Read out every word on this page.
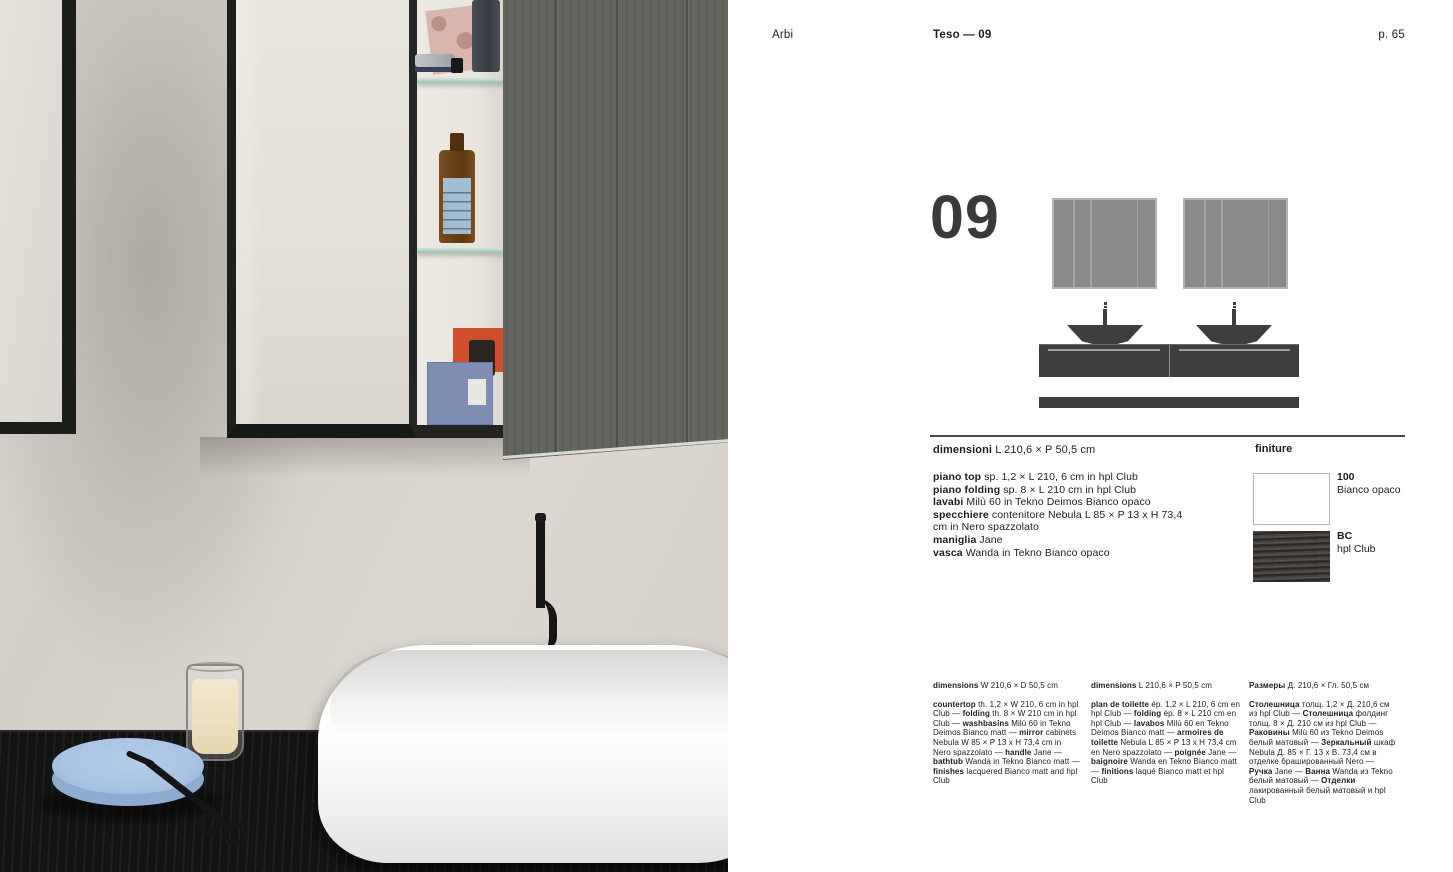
Arbi	Teso — 09	p. 65
09
dimensioni L 210,6 × P 50,5 cm
piano top sp. 1,2 × L 210, 6 cm in hpl Club
piano folding sp. 8 × L 210 cm in hpl Club
lavabi Milù 60 in Tekno Deimos Bianco opaco
specchiere contenitore Nebula L 85 × P 13 x H 73,4 cm in Nero spazzolato
maniglia Jane
vasca Wanda in Tekno Bianco opaco
finiture
100
Bianco opaco
BC
hpl Club

dimensions W 210,6 × D 50,5 cm

countertop th. 1,2 × W 210, 6 cm in hpl Club — folding th. 8 × W 210 cm in hpl Club — washbasins Milù 60 in Tekno Deimos Bianco matt — mirror cabinets Nebula W 85 × P 13 x H 73,4 cm in Nero spazzolato — handle Jane — bathtub Wanda in Tekno Bianco matt — finishes lacquered Bianco matt and hpl Club

dimensions L 210,6 × P 50,5 cm

plan de toilette ép. 1,2 × L 210, 6 cm en hpl Club — folding ép. 8 × L 210 cm en hpl Club — lavabos Milù 60 en Tekno Deimos Bianco matt — armoires de toilette Nebula L 85 × P 13 x H 73,4 cm en Nero spazzolato — poignée Jane — baignoire Wanda en Tekno Bianco matt — finitions laqué Bianco matt et hpl Club

Размеры Д. 210,6 × Гл. 50,5 см

Столешница толщ. 1,2 × Д. 210,6 см из hpl Club — Столешница фолдинг толщ. 8 × Д. 210 см из hpl Club — Раковины Milù 60 из Tekno Deimos белый матовый — Зеркальный шкаф Nebula Д. 85 × Г. 13 x В. 73,4 см в отделке брашированный Nero — Ручка Jane — Ванна Wanda из Tekno белый матовый — Отделки лакированный белый матовый и hpl Club
